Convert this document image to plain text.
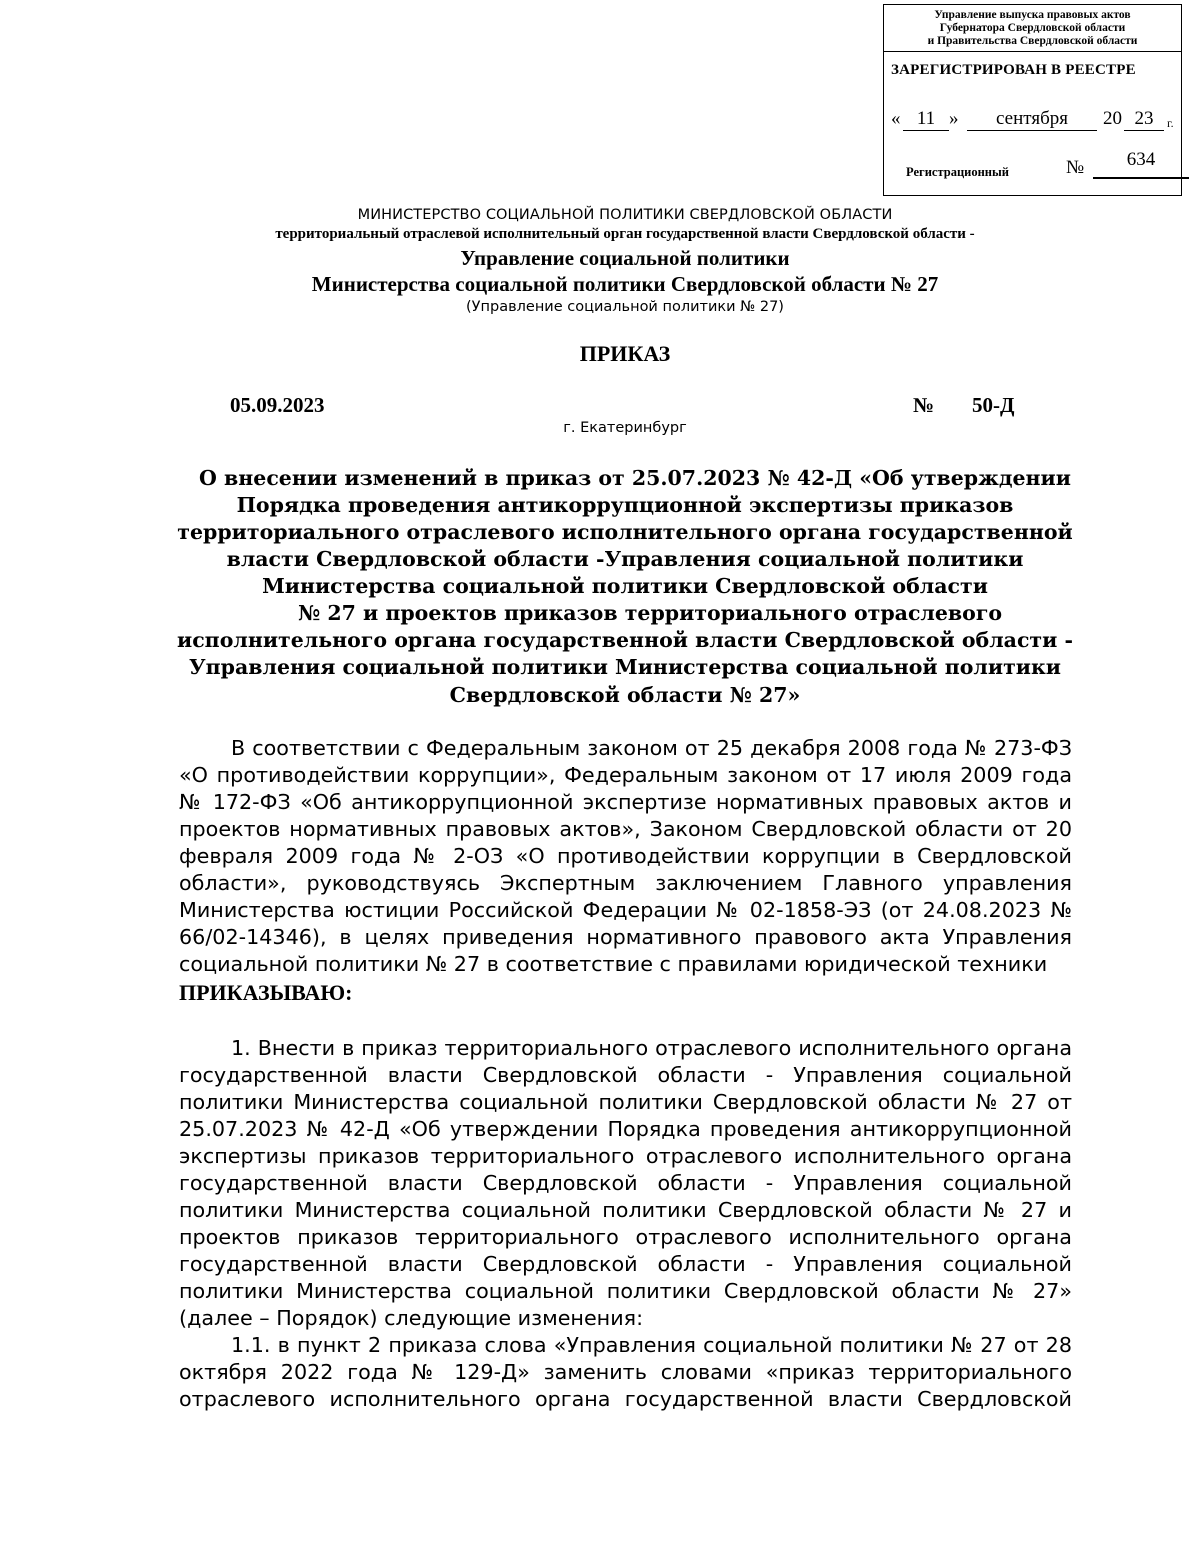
Управление выпуска правовых актов
Губернатора Свердловской области
и Правительства Свердловской области
ЗАРЕГИСТРИРОВАН В РЕЕСТРЕ
« 11 »	сентября	20 23	г.
Регистрационный	№	634
МИНИСТЕРСТВО СОЦИАЛЬНОЙ ПОЛИТИКИ СВЕРДЛОВСКОЙ ОБЛАСТИ
территориальный отраслевой исполнительный орган государственной власти Свердловской области -
Управление социальной политики
Министерства социальной политики Свердловской области № 27
(Управление социальной политики № 27)
ПРИКАЗ
05.09.2023	№ 50-Д
г. Екатеринбург
О внесении изменений в приказ от 25.07.2023 № 42-Д «Об утверждении
Порядка проведения антикоррупционной экспертизы приказов
территориального отраслевого исполнительного органа государственной
власти Свердловской области -Управления социальной политики
Министерства социальной политики Свердловской области
№ 27 и проектов приказов территориального отраслевого
исполнительного органа государственной власти Свердловской области -
Управления социальной политики Министерства социальной политики
Свердловской области № 27»
В соответствии с Федеральным законом от 25 декабря 2008 года № 273-ФЗ
«О противодействии коррупции», Федеральным законом от 17 июля 2009 года
№ 172-ФЗ «Об антикоррупционной экспертизе нормативных правовых актов и
проектов нормативных правовых актов», Законом Свердловской области от 20
февраля 2009 года № 2-ОЗ «О противодействии коррупции в Свердловской
области», руководствуясь Экспертным заключением Главного управления
Министерства юстиции Российской Федерации № 02-1858-ЭЗ (от 24.08.2023 №
66/02-14346), в целях приведения нормативного правового акта Управления
социальной политики № 27 в соответствие с правилами юридической техники
ПРИКАЗЫВАЮ:
1. Внести в приказ территориального отраслевого исполнительного органа
государственной власти Свердловской области - Управления социальной
политики Министерства социальной политики Свердловской области № 27 от
25.07.2023 № 42-Д «Об утверждении Порядка проведения антикоррупционной
экспертизы приказов территориального отраслевого исполнительного органа
государственной власти Свердловской области - Управления социальной
политики Министерства социальной политики Свердловской области № 27 и
проектов приказов территориального отраслевого исполнительного органа
государственной власти Свердловской области - Управления социальной
политики Министерства социальной политики Свердловской области № 27»
(далее – Порядок) следующие изменения:
1.1. в пункт 2 приказа слова «Управления социальной политики № 27 от 28
октября 2022 года № 129-Д» заменить словами «приказ территориального
отраслевого исполнительного органа государственной власти Свердловской
